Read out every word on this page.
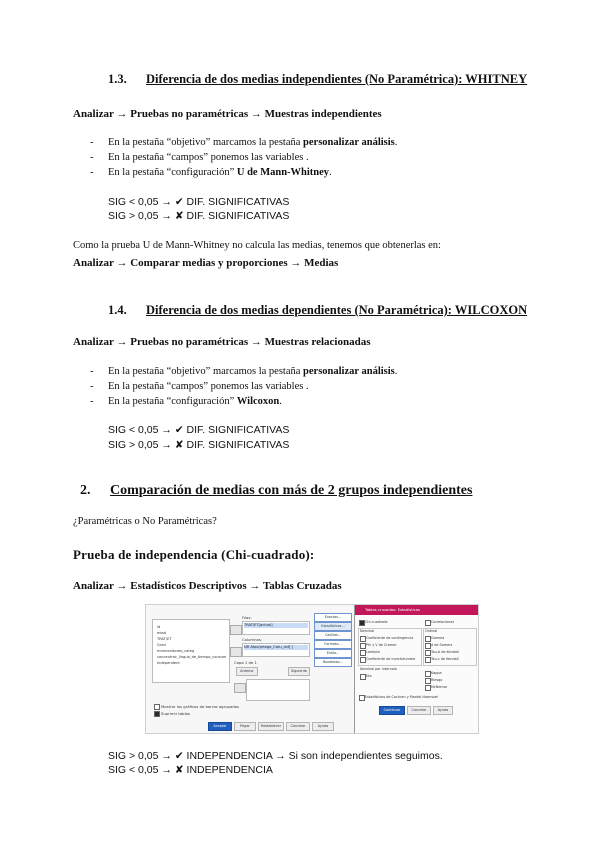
1.3. Diferencia de dos medias independientes (No Paramétrica): WHITNEY
Analizar → Pruebas no paramétricas → Muestras independientes
- En la pestaña “objetivo” marcamos la pestaña personalizar análisis.
- En la pestaña “campos” ponemos las variables .
- En la pestaña “configuración” U de Mann-Whitney.
SIG < 0,05 → ✔ DIF. SIGNIFICATIVAS
SIG > 0,05 → ✘ DIF. SIGNIFICATIVAS
Como la prueba U de Mann-Whitney no calcula las medias, tenemos que obtenerlas en:
Analizar → Comparar medias y proporciones → Medias
1.4. Diferencia de dos medias dependientes (No Paramétrica): WILCOXON
Analizar → Pruebas no paramétricas → Muestras relacionadas
- En la pestaña “objetivo” marcamos la pestaña personalizar análisis.
- En la pestaña “campos” ponemos las variables .
- En la pestaña “configuración” Wilcoxon.
SIG < 0,05 → ✔ DIF. SIGNIFICATIVAS
SIG > 0,05 → ✘ DIF. SIGNIFICATIVAS
2. Comparación de medias con más de 2 grupos independientes
¿Paramétricas o No Paramétricas?
Prueba de independencia (Chi-cuadrado):
Analizar → Estadísticos Descriptivos → Tablas Cruzadas
id
edad
TRAT/ET
Grad
mmmonitoreo_categ
concentrac_lingua_de_tiempo_consum
Independent
Filas:
TRAT/ET[actual]
Columnas:
NR Afpo/prtega_Catu_dvf[ ]
Capa 1 de 1
Anterior	Siguiente
Exactas...
Estadísticos...
Casillas...
Formato...
Estilo...
Bootstrap...
Mostrar los gráficos de barras agrupadas
Suprimir tablas
Aceptar	Pegar	Restablecer	Cancelar	Ayuda
Tablas cruzadas: Estadísticos
Chi-cuadrado	Correlaciones
Nominal
Coeficiente de contingencia
Phi y V de Cramer
Lambda
Coeficiente de incertidumbre
Nominal por intervalo
Eta
Ordinal
Gamma
d de Somers
Tau-b de Kendall
Tau-c de Kendall
Kappa
Riesgo
McNemar
Estadísticos de Cochran y Mantel-Haenszel
Continuar	Cancelar	Ayuda
SIG > 0,05 → ✔ INDEPENDENCIA → Si son independientes seguimos.
SIG < 0,05 → ✘ INDEPENDENCIA
